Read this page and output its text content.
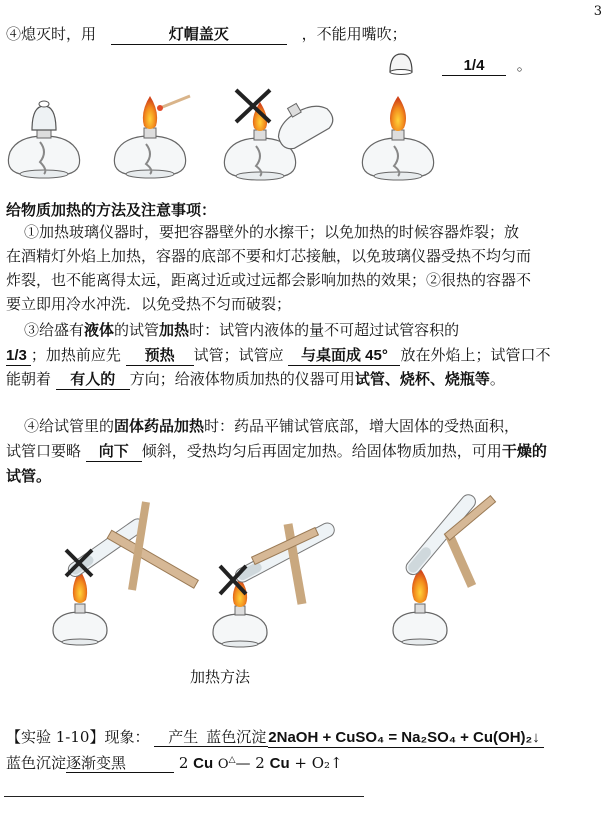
3
④熄灭时，用	灯帽盖灭	，不能用嘴吹；
1/4 。
给物质加热的方法及注意事项：
①加热玻璃仪器时，要把容器壁外的水擦干；以免加热的时候容器炸裂；放
在酒精灯外焰上加热，容器的底部不要和灯芯接触，以免玻璃仪器受热不均匀而
炸裂，也不能离得太远，距离过近或过远都会影响加热的效果；②很热的容器不
要立即用冷水冲洗．以免受热不匀而破裂；
③给盛有液体的试管加热时：试管内液体的量不可超过试管容积的
1/3 ；加热前应先 预热 试管；试管应 与桌面成 45° 放在外焰上；试管口不
能朝着 有人的 方向；给液体物质加热的仪器可用试管、烧杯、烧瓶等。
④给试管里的固体药品加热时：药品平铺试管底部，增大固体的受热面积，
试管口要略 向下 倾斜，受热均匀后再固定加热。给固体物质加热，可用干燥的
试管。
加热方法
【实验 1-10】现象： 产生 蓝色沉淀 2NaOH + CuSO₄ = Na₂SO₄ + Cu(OH)₂↓
蓝色沉淀逐渐变黑	2 Cu O△— 2 Cu + O₂↑
